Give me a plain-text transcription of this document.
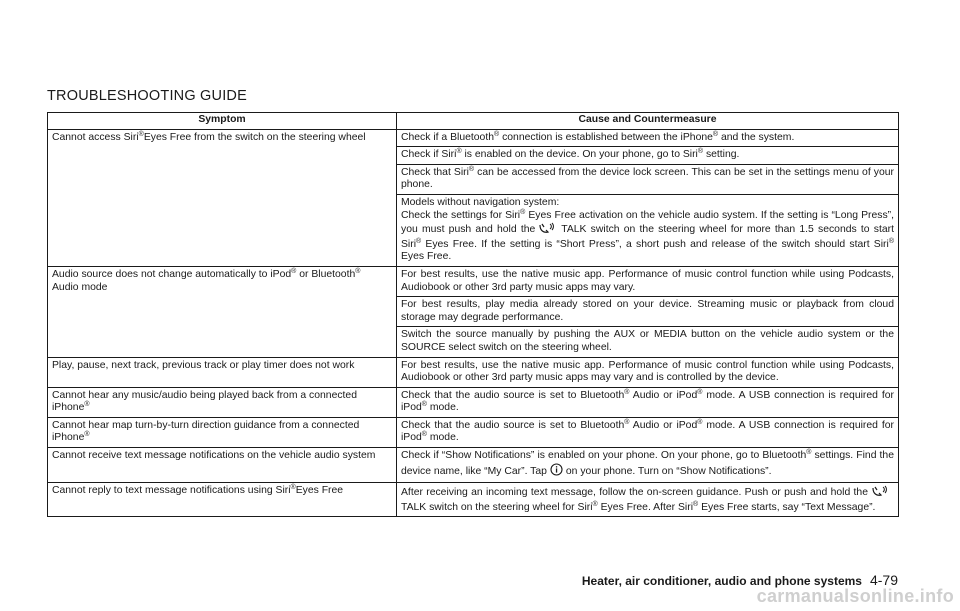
TROUBLESHOOTING GUIDE
Symptom	Cause and Countermeasure
Cannot access Siri®Eyes Free from the switch on the steering wheel	Check if a Bluetooth® connection is established between the iPhone® and the system.
	Check if Siri® is enabled on the device. On your phone, go to Siri® setting.
	Check that Siri® can be accessed from the device lock screen. This can be set in the settings menu of your phone.
	Models without navigation system:
Check the settings for Siri® Eyes Free activation on the vehicle audio system. If the setting is “Long Press”, you must push and hold the TALK switch on the steering wheel for more than 1.5 seconds to start Siri® Eyes Free. If the setting is “Short Press”, a short push and release of the switch should start Siri® Eyes Free.
Audio source does not change automatically to iPod® or Bluetooth®
Audio mode	For best results, use the native music app. Performance of music control function while using Podcasts, Audiobook or other 3rd party music apps may vary.
	For best results, play media already stored on your device. Streaming music or playback from cloud storage may degrade performance.
	Switch the source manually by pushing the AUX or MEDIA button on the vehicle audio system or the SOURCE select switch on the steering wheel.
Play, pause, next track, previous track or play timer does not work	For best results, use the native music app. Performance of music control function while using Podcasts, Audiobook or other 3rd party music apps may vary and is controlled by the device.
Cannot hear any music/audio being played back from a connected iPhone®	Check that the audio source is set to Bluetooth® Audio or iPod® mode. A USB connection is required for iPod® mode.
Cannot hear map turn-by-turn direction guidance from a connected iPhone®	Check that the audio source is set to Bluetooth® Audio or iPod® mode. A USB connection is required for iPod® mode.
Cannot receive text message notifications on the vehicle audio system	Check if “Show Notifications” is enabled on your phone. On your phone, go to Bluetooth® settings. Find the device name, like “My Car”. Tap on your phone. Turn on “Show Notifications”.
Cannot reply to text message notifications using Siri®Eyes Free	After receiving an incoming text message, follow the on-screen guidance. Push or push and hold theTALK switch on the steering wheel for Siri® Eyes Free. After Siri® Eyes Free starts, say “Text Message”.
Heater, air conditioner, audio and phone systems 4-79
carmanualsonline.info
